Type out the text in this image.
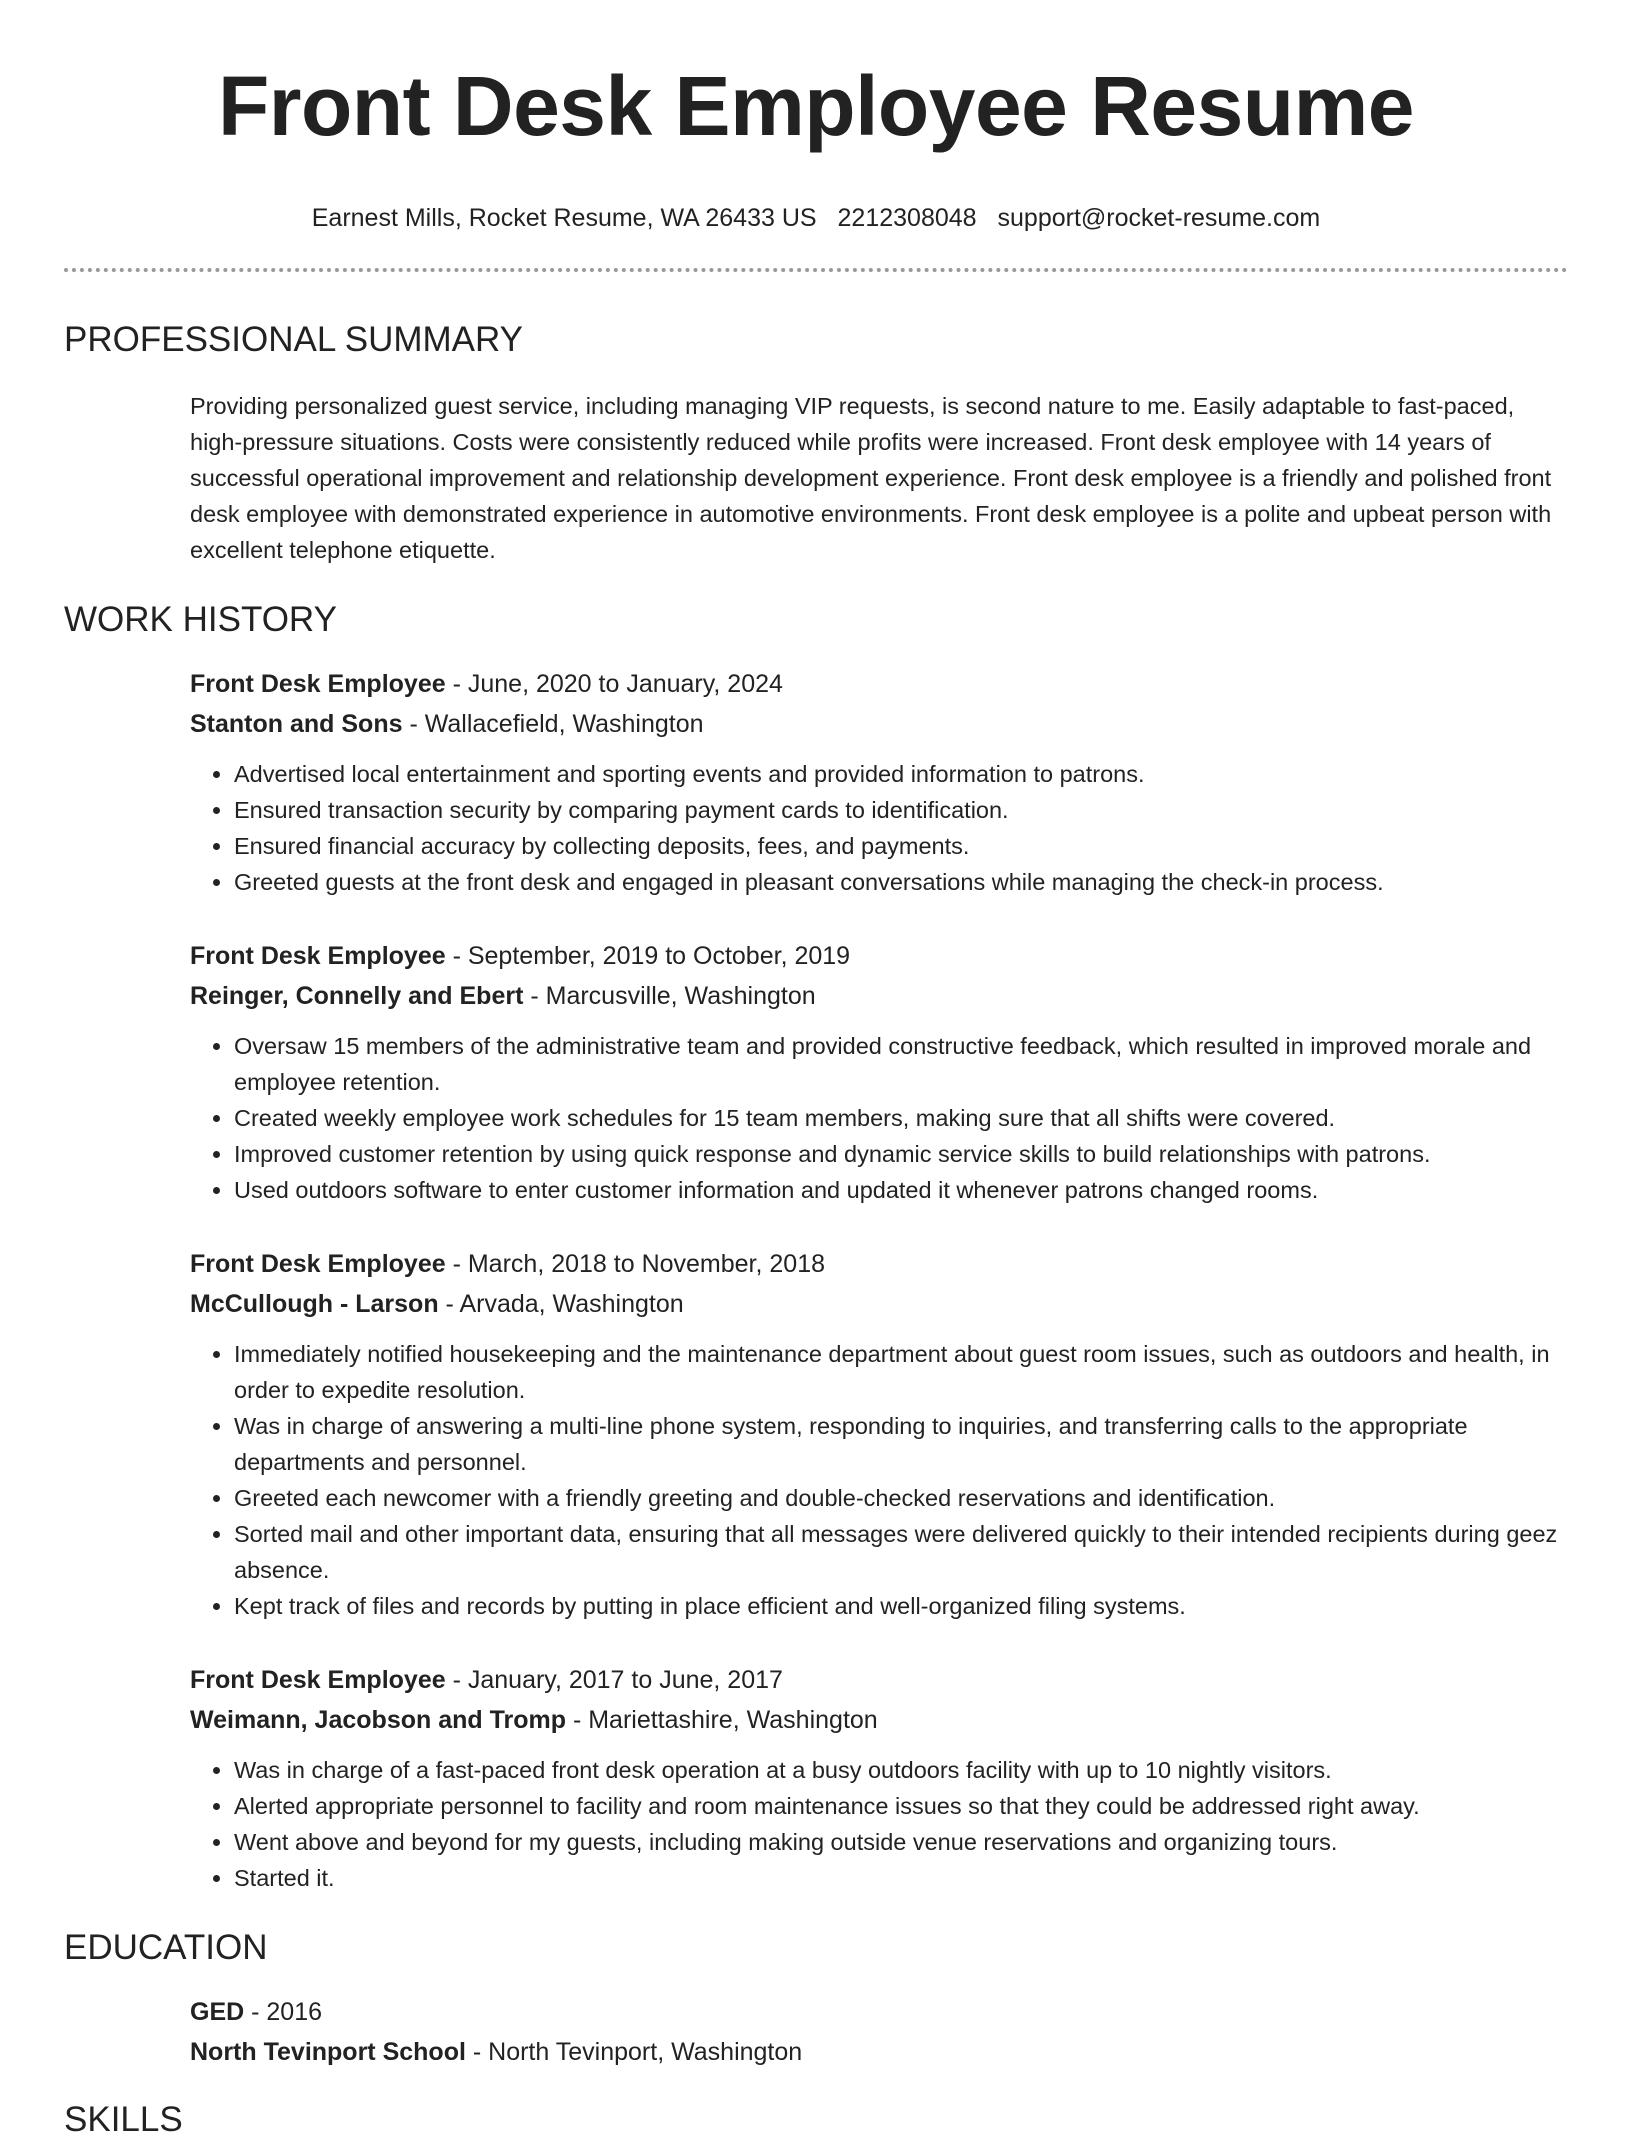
Front Desk Employee Resume
Earnest Mills, Rocket Resume, WA 26433 US 2212308048 support@rocket-resume.com
PROFESSIONAL SUMMARY
Providing personalized guest service, including managing VIP requests, is second nature to me. Easily adaptable to fast-paced, high-pressure situations. Costs were consistently reduced while profits were increased. Front desk employee with 14 years of successful operational improvement and relationship development experience. Front desk employee is a friendly and polished front desk employee with demonstrated experience in automotive environments. Front desk employee is a polite and upbeat person with excellent telephone etiquette.
WORK HISTORY
Front Desk Employee - June, 2020 to January, 2024
Stanton and Sons - Wallacefield, Washington
• Advertised local entertainment and sporting events and provided information to patrons.
• Ensured transaction security by comparing payment cards to identification.
• Ensured financial accuracy by collecting deposits, fees, and payments.
• Greeted guests at the front desk and engaged in pleasant conversations while managing the check-in process.
Front Desk Employee - September, 2019 to October, 2019
Reinger, Connelly and Ebert - Marcusville, Washington
• Oversaw 15 members of the administrative team and provided constructive feedback, which resulted in improved morale and employee retention.
• Created weekly employee work schedules for 15 team members, making sure that all shifts were covered.
• Improved customer retention by using quick response and dynamic service skills to build relationships with patrons.
• Used outdoors software to enter customer information and updated it whenever patrons changed rooms.
Front Desk Employee - March, 2018 to November, 2018
McCullough - Larson - Arvada, Washington
• Immediately notified housekeeping and the maintenance department about guest room issues, such as outdoors and health, in order to expedite resolution.
• Was in charge of answering a multi-line phone system, responding to inquiries, and transferring calls to the appropriate departments and personnel.
• Greeted each newcomer with a friendly greeting and double-checked reservations and identification.
• Sorted mail and other important data, ensuring that all messages were delivered quickly to their intended recipients during geez absence.
• Kept track of files and records by putting in place efficient and well-organized filing systems.
Front Desk Employee - January, 2017 to June, 2017
Weimann, Jacobson and Tromp - Mariettashire, Washington
• Was in charge of a fast-paced front desk operation at a busy outdoors facility with up to 10 nightly visitors.
• Alerted appropriate personnel to facility and room maintenance issues so that they could be addressed right away.
• Went above and beyond for my guests, including making outside venue reservations and organizing tours.
• Started it.
EDUCATION
GED - 2016
North Tevinport School - North Tevinport, Washington
SKILLS
